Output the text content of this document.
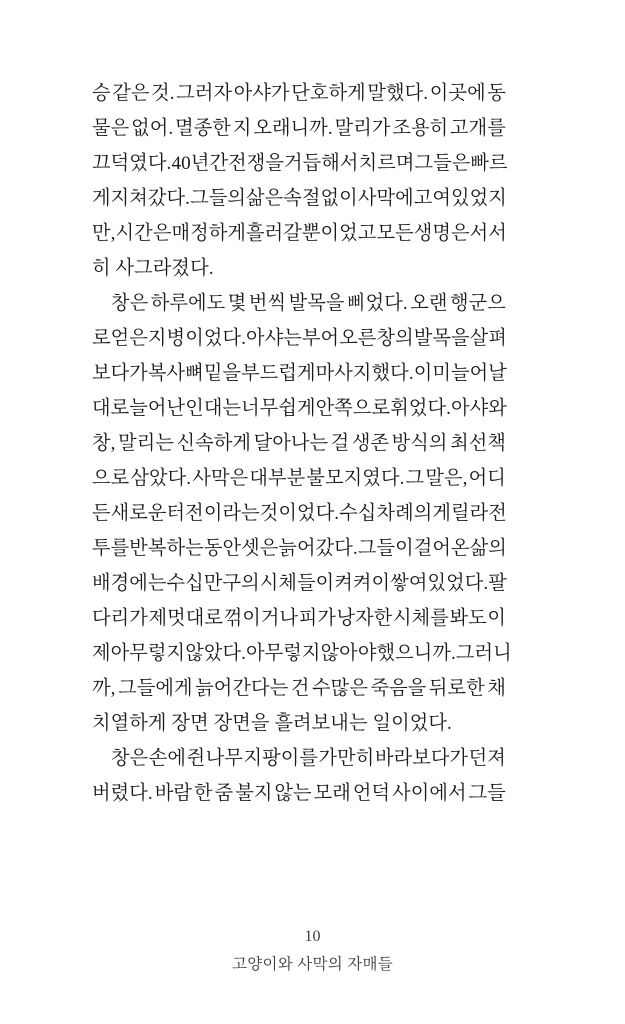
승 같은 것. 그러자 아샤가 단호하게 말했다. 이곳에 동
물은 없어. 멸종한 지 오래니까. 말리가 조용히 고개를
끄덕였다. 40년간 전쟁을 거듭해서 치르며 그들은 빠르
게 지쳐갔다. 그들의 삶은 속절없이 사막에 고여 있었지
만, 시간은 매정하게 흘러갈 뿐이었고 모든 생명은 서서
히 사그라졌다.

창은 하루에도 몇 번씩 발목을 삐었다. 오랜 행군으
로 얻은 지병이었다. 아샤는 부어오른 창의 발목을 살펴
보다가 복사뼈 밑을 부드럽게 마사지했다. 이미 늘어날
대로 늘어난 인대는 너무 쉽게 안쪽으로 휘었다. 아샤와
창, 말리는 신속하게 달아나는 걸 생존 방식의 최선책
으로 삼았다. 사막은 대부분 불모지였다. 그 말은, 어디
든 새로운 터전이라는 것이었다. 수십 차례의 게릴라 전
투를 반복하는 동안 셋은 늙어갔다. 그들이 걸어온 삶의
배경에는 수십만 구의 시체들이 켜켜이 쌓여 있었다. 팔
다리가 제멋대로 꺾이거나 피가 낭자한 시체를 봐도 이
제 아무렇지 않았다. 아무렇지 않아야 했으니까. 그러니
까, 그들에게 늙어간다는 건 수많은 죽음을 뒤로한 채
치열하게 장면 장면을 흘려보내는 일이었다.

창은 손에 쥔 나무 지팡이를 가만히 바라보다가 던져
버렸다. 바람 한 줌 불지 않는 모래 언덕 사이에서 그들

10
고양이와 사막의 자매들
